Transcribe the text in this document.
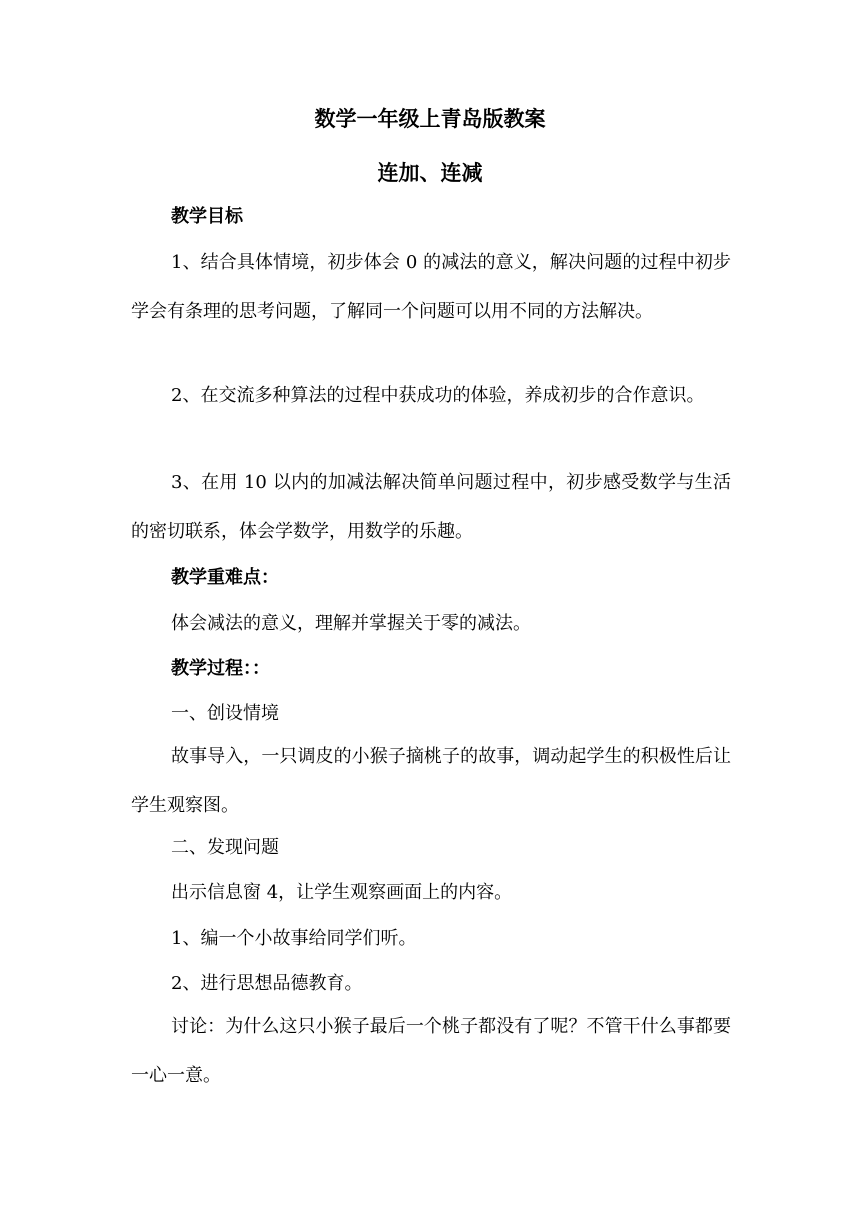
数学一年级上青岛版教案
连加、连减
教学目标

1、结合具体情境，初步体会 0 的减法的意义，解决问题的过程中初步学会有条理的思考问题，了解同一个问题可以用不同的方法解决。

2、在交流多种算法的过程中获成功的体验，养成初步的合作意识。

3、在用 10 以内的加减法解决简单问题过程中，初步感受数学与生活的密切联系，体会学数学，用数学的乐趣。

教学重难点：

体会减法的意义，理解并掌握关于零的减法。

教学过程：：

一、创设情境

故事导入，一只调皮的小猴子摘桃子的故事，调动起学生的积极性后让学生观察图。

二、发现问题

出示信息窗 4，让学生观察画面上的内容。

1、编一个小故事给同学们听。

2、进行思想品德教育。

讨论：为什么这只小猴子最后一个桃子都没有了呢？不管干什么事都要一心一意。
